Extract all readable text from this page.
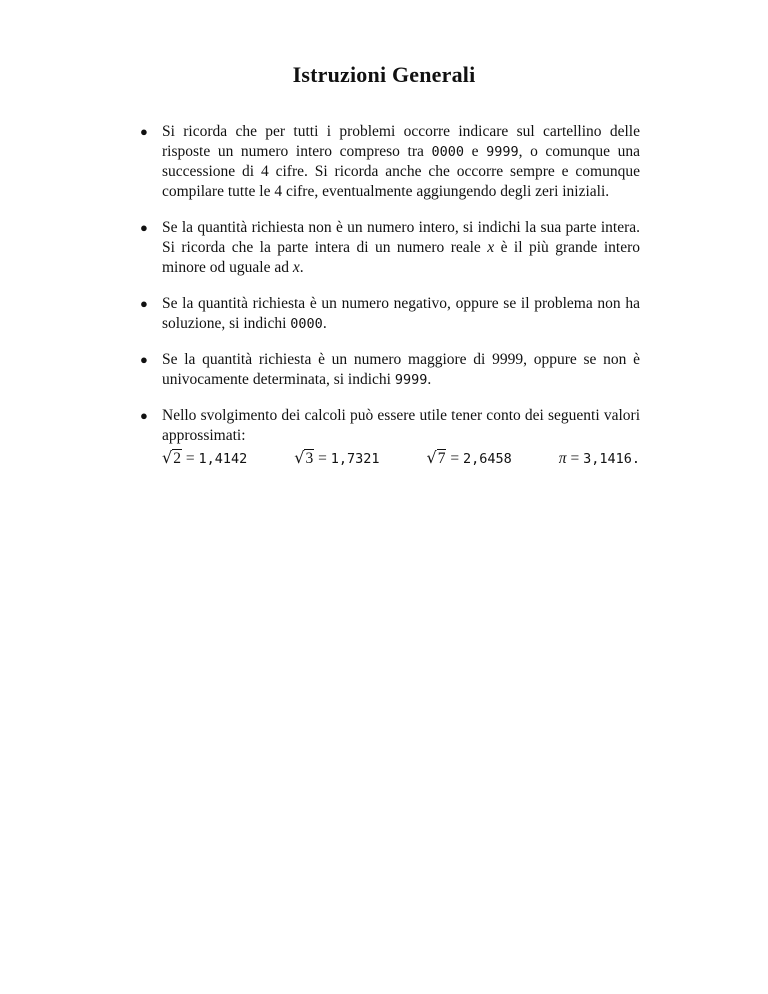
Istruzioni Generali
● Si ricorda che per tutti i problemi occorre indicare sul cartellino delle risposte un numero intero compreso tra 0000 e 9999, o comunque una successione di 4 cifre. Si ricorda anche che occorre sempre e comunque compilare tutte le 4 cifre, eventualmente aggiungendo degli zeri iniziali.
● Se la quantità richiesta non è un numero intero, si indichi la sua parte intera. Si ricorda che la parte intera di un numero reale x è il più grande intero minore od uguale ad x.
● Se la quantità richiesta è un numero negativo, oppure se il problema non ha soluzione, si indichi 0000.
● Se la quantità richiesta è un numero maggiore di 9999, oppure se non è univocamente determinata, si indichi 9999.
● Nello svolgimento dei calcoli può essere utile tener conto dei seguenti valori approssimati:
√2 = 1,4142	√3 = 1,7321	√7 = 2,6458	π = 3,1416.
